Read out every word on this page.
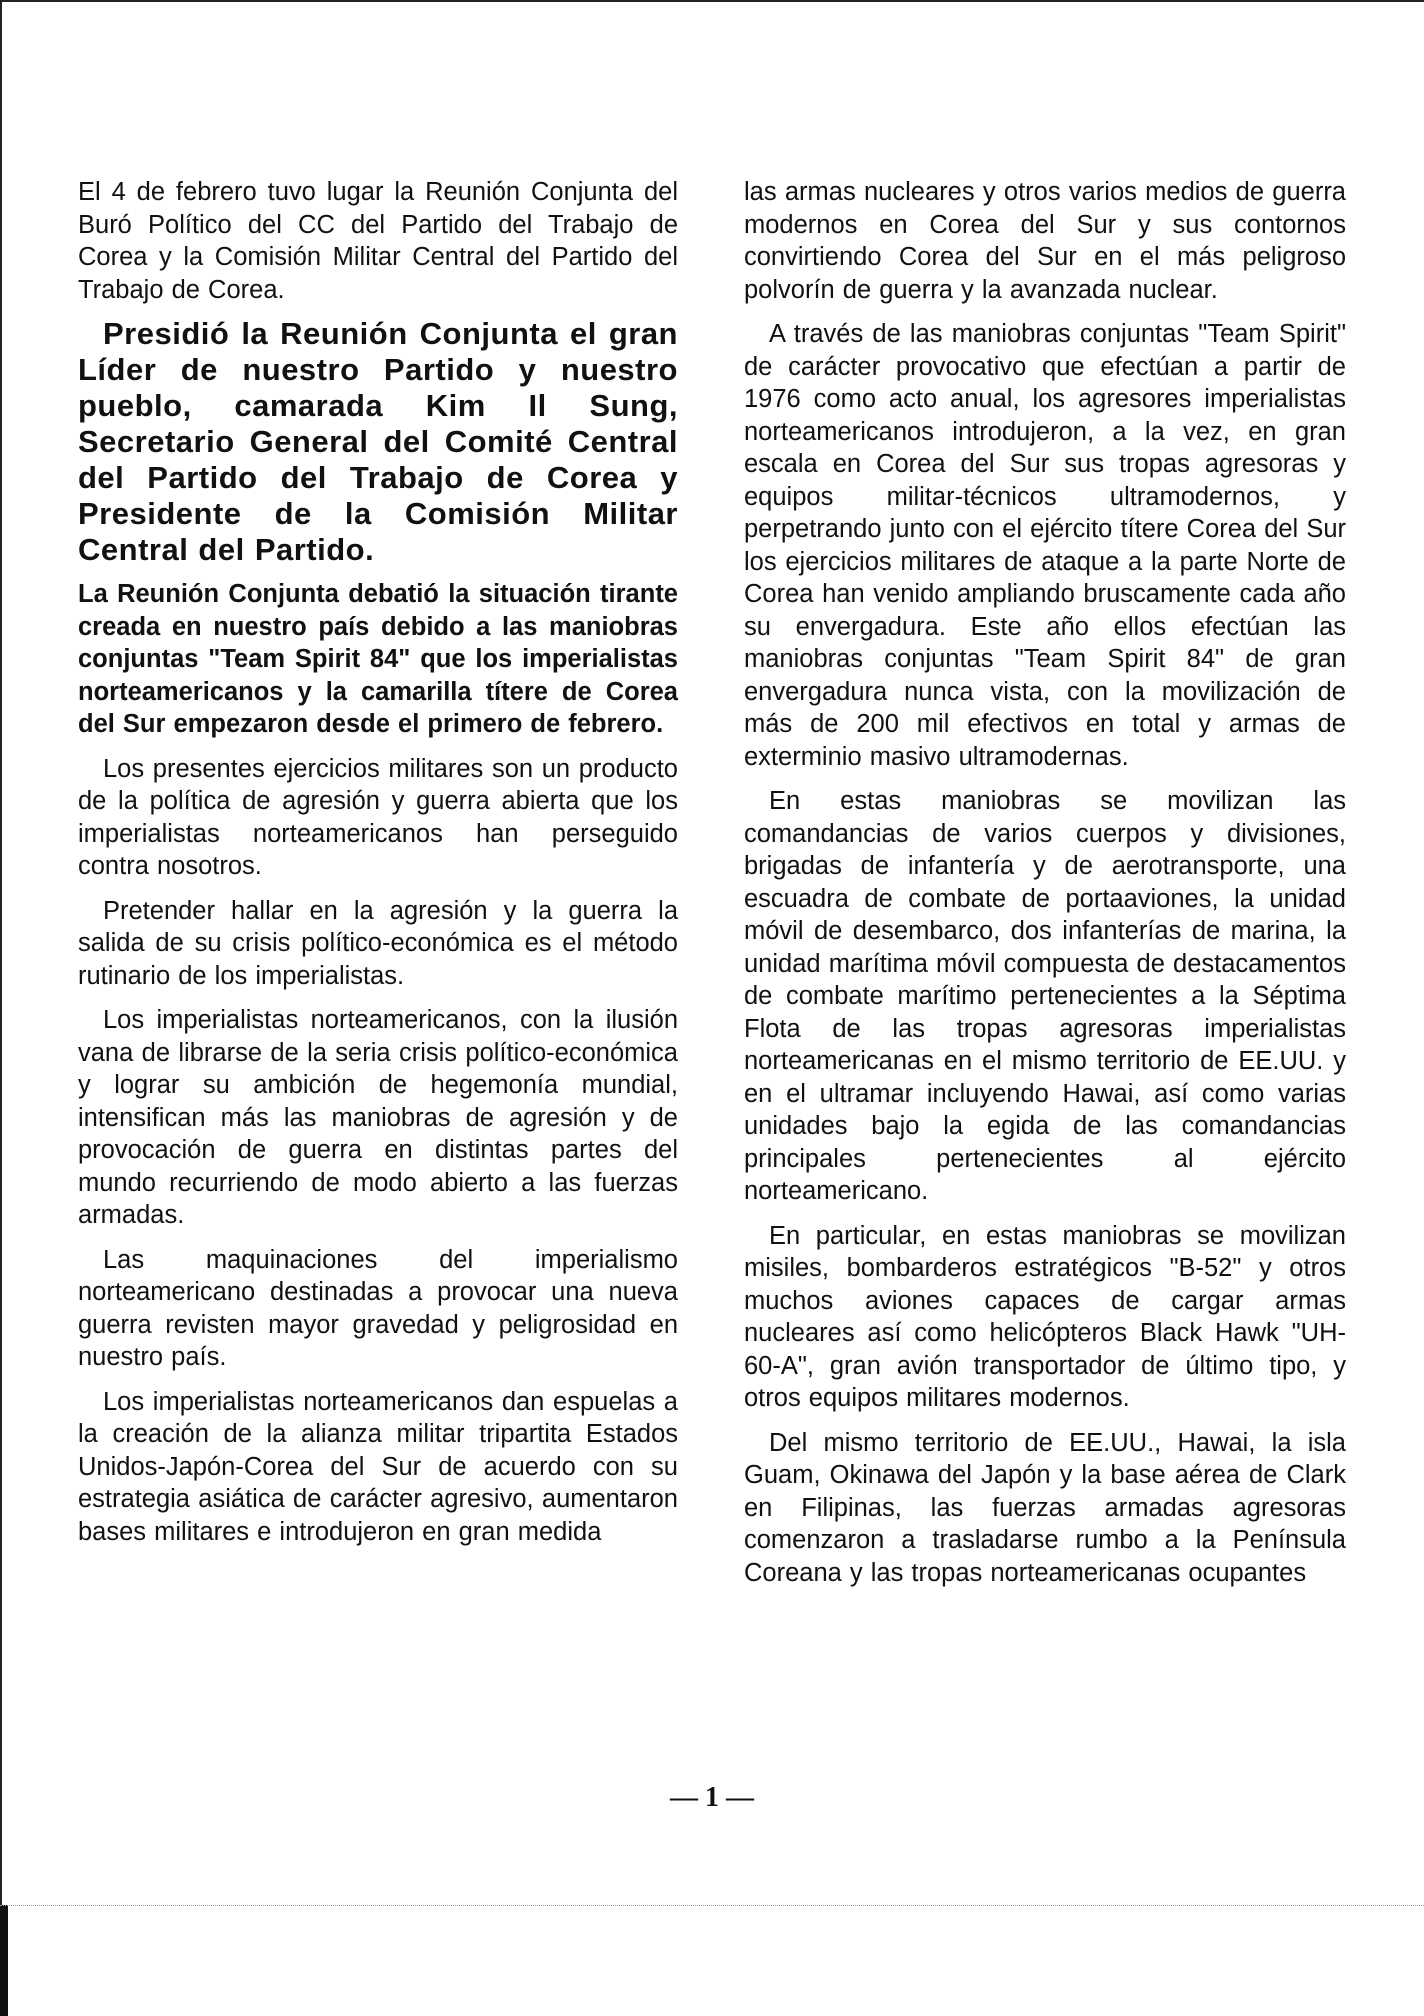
El 4 de febrero tuvo lugar la Reunión Conjunta del Buró Político del CC del Partido del Trabajo de Corea y la Comisión Militar Central del Partido del Trabajo de Corea.

Presidió la Reunión Conjunta el gran Líder de nuestro Partido y nuestro pueblo, camarada Kim Il Sung, Secretario General del Comité Central del Partido del Trabajo de Corea y Presidente de la Comisión Militar Central del Partido.

La Reunión Conjunta debatió la situación tirante creada en nuestro país debido a las maniobras conjuntas "Team Spirit 84" que los imperialistas norteamericanos y la camarilla títere de Corea del Sur empezaron desde el primero de febrero.

Los presentes ejercicios militares son un producto de la política de agresión y guerra abierta que los imperialistas norteamericanos han perseguido contra nosotros.

Pretender hallar en la agresión y la guerra la salida de su crisis político-económica es el método rutinario de los imperialistas.

Los imperialistas norteamericanos, con la ilusión vana de librarse de la seria crisis político-económica y lograr su ambición de hegemonía mundial, intensifican más las maniobras de agresión y de provocación de guerra en distintas partes del mundo recurriendo de modo abierto a las fuerzas armadas.

Las maquinaciones del imperialismo norteamericano destinadas a provocar una nueva guerra revisten mayor gravedad y peligrosidad en nuestro país.

Los imperialistas norteamericanos dan espuelas a la creación de la alianza militar tripartita Estados Unidos-Japón-Corea del Sur de acuerdo con su estrategia asiática de carácter agresivo, aumentaron bases militares e introdujeron en gran medida

las armas nucleares y otros varios medios de guerra modernos en Corea del Sur y sus contornos convirtiendo Corea del Sur en el más peligroso polvorín de guerra y la avanzada nuclear.

A través de las maniobras conjuntas "Team Spirit" de carácter provocativo que efectúan a partir de 1976 como acto anual, los agresores imperialistas norteamericanos introdujeron, a la vez, en gran escala en Corea del Sur sus tropas agresoras y equipos militar-técnicos ultramodernos, y perpetrando junto con el ejército títere Corea del Sur los ejercicios militares de ataque a la parte Norte de Corea han venido ampliando bruscamente cada año su envergadura. Este año ellos efectúan las maniobras conjuntas "Team Spirit 84" de gran envergadura nunca vista, con la movilización de más de 200 mil efectivos en total y armas de exterminio masivo ultramodernas.

En estas maniobras se movilizan las comandancias de varios cuerpos y divisiones, brigadas de infantería y de aerotransporte, una escuadra de combate de portaaviones, la unidad móvil de desembarco, dos infanterías de marina, la unidad marítima móvil compuesta de destacamentos de combate marítimo pertenecientes a la Séptima Flota de las tropas agresoras imperialistas norteamericanas en el mismo territorio de EE.UU. y en el ultramar incluyendo Hawai, así como varias unidades bajo la egida de las comandancias principales pertenecientes al ejército norteamericano.

En particular, en estas maniobras se movilizan misiles, bombarderos estratégicos "B-52" y otros muchos aviones capaces de cargar armas nucleares así como helicópteros Black Hawk "UH-60-A", gran avión transportador de último tipo, y otros equipos militares modernos.

Del mismo territorio de EE.UU., Hawai, la isla Guam, Okinawa del Japón y la base aérea de Clark en Filipinas, las fuerzas armadas agresoras comenzaron a trasladarse rumbo a la Península Coreana y las tropas norteamericanas ocupantes

— 1 —
